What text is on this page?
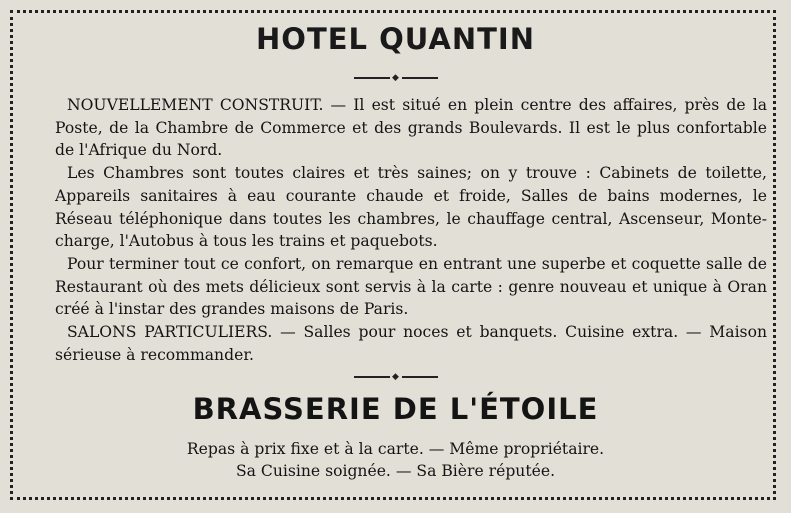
HOTEL QUANTIN
◆

NOUVELLEMENT CONSTRUIT. — Il est situé en plein centre des affaires, près de la Poste, de la Chambre de Commerce et des grands Boulevards. Il est le plus confortable de l'Afrique du Nord.

Les Chambres sont toutes claires et très saines; on y trouve : Cabinets de toilette, Appareils sanitaires à eau courante chaude et froide, Salles de bains modernes, le Réseau téléphonique dans toutes les chambres, le chauffage central, Ascenseur, Monte-charge, l'Autobus à tous les trains et paquebots.

Pour terminer tout ce confort, on remarque en entrant une superbe et coquette salle de Restaurant où des mets délicieux sont servis à la carte : genre nouveau et unique à Oran créé à l'instar des grandes maisons de Paris.

SALONS PARTICULIERS. — Salles pour noces et banquets. Cuisine extra. — Maison sérieuse à recommander.

◆
BRASSERIE DE L'ÉTOILE
Repas à prix fixe et à la carte. — Même propriétaire.
Sa Cuisine soignée. — Sa Bière réputée.
